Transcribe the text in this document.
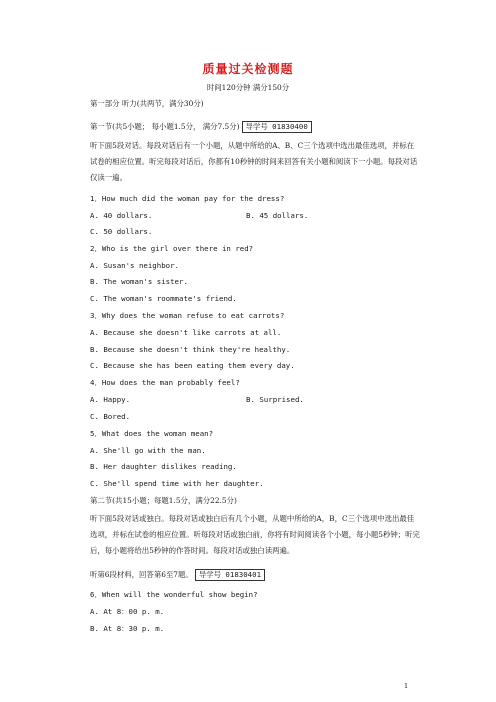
质量过关检测题
时间120分钟 满分150分
第一部分 听力(共两节，满分30分)
第一节(共5小题； 每小题1.5分， 满分7.5分) 导学号 01830400
听下面5段对话。每段对话后有一个小题，从题中所给的A、B、C三个选项中选出最佳选项，并标在试卷的相应位置。听完每段对话后，你都有10秒钟的时间来回答有关小题和阅读下一小题。每段对话仅读一遍。
1．How much did the woman pay for the dress?
A. 40 dollars.	B. 45 dollars.
C. 50 dollars.
2．Who is the girl over there in red?
A. Susan's neighbor.
B. The woman's sister.
C. The woman's roommate's friend.
3．Why does the woman refuse to eat carrots?
A. Because she doesn't like carrots at all.
B. Because she doesn't think they're healthy.
C. Because she has been eating them every day.
4．How does the man probably feel?
A. Happy.	B. Surprised.
C. Bored.
5．What does the woman mean?
A. She'll go with the man.
B. Her daughter dislikes reading.
C. She'll spend time with her daughter.
第二节(共15小题；每题1.5分，满分22.5分)
听下面5段对话或独白。每段对话或独白后有几个小题，从题中所给的A，B，C三个选项中选出最佳选项，并标在试卷的相应位置。听每段对话或独白前，你将有时间阅读各个小题，每小题5秒钟；听完后，每小题将给出5秒钟的作答时间。每段对话或独白读两遍。
听第6段材料，回答第6至7题。 导学号 01830401
6．When will the wonderful show begin?
A. At 8：00 p. m.
B. At 8：30 p. m.
1
